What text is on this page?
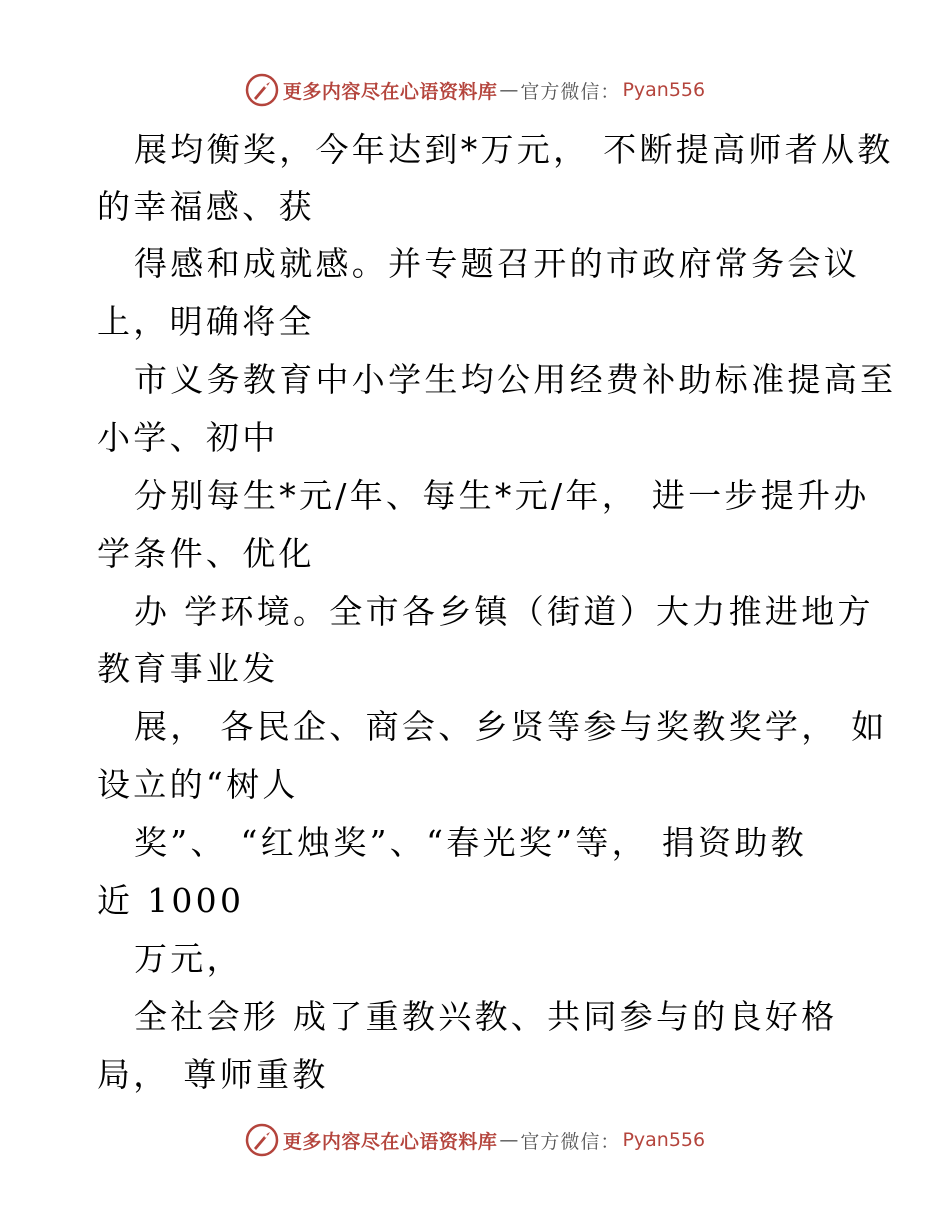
更多内容尽在心语资料库 — 官方微信： Pyan556
展均衡奖，今年达到*万元， 不断提高师者从教
的幸福感、获
得感和成就感。并专题召开的市政府常务会议
上，明确将全
市义务教育中小学生均公用经费补助标准提高至
小学、初中
分别每生*元/年、每生*元/年， 进一步提升办
学条件、优化
办 学环境。全市各乡镇（街道）大力推进地方
教育事业发
展， 各民企、商会、乡贤等参与奖教奖学， 如
设立的“树人
奖”、 “红烛奖”、“春光奖”等， 捐资助教
近 1000
万元，
全社会形 成了重教兴教、共同参与的良好格
局， 尊师重教
更多内容尽在心语资料库 — 官方微信： Pyan556
